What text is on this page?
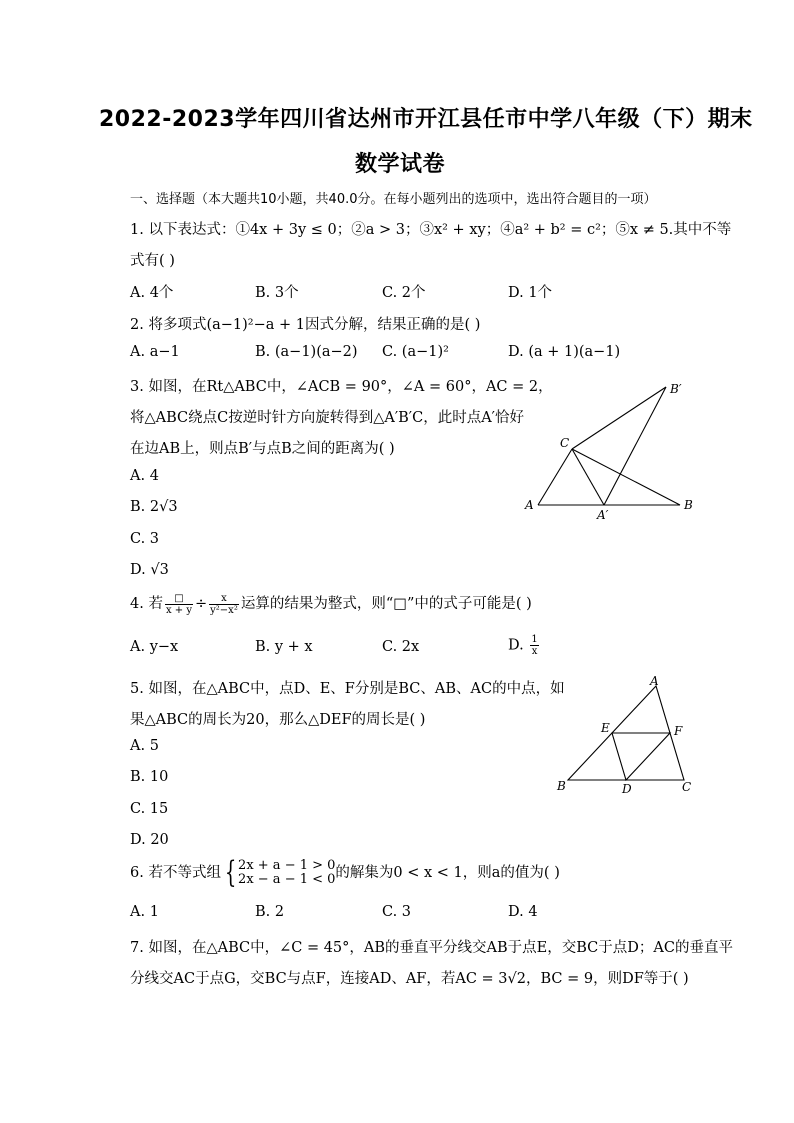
2022-2023学年四川省达州市开江县任市中学八年级（下）期末
数学试卷
一、选择题（本大题共10小题，共40.0分。在每小题列出的选项中，选出符合题目的一项）
1. 以下表达式：①4x + 3y ≤ 0；②a > 3；③x² + xy；④a² + b² = c²；⑤x ≠ 5.其中不等
式有( )
A. 4个	B. 3个	C. 2个	D. 1个
2. 将多项式(a−1)²−a + 1因式分解，结果正确的是( )
A. a−1	B. (a−1)(a−2) C. (a−1)²	D. (a + 1)(a−1)
3. 如图，在Rt△ABC中，∠ACB = 90°，∠A = 60°，AC = 2，
将△ABC绕点C按逆时针方向旋转得到△A′B′C，此时点A′恰好
在边AB上，则点B′与点B之间的距离为( )
A. 4
B. 2√3
C. 3
D. √3
A	B
C
A′
B′
4. 若 $\frac{□}{x + y} \div \frac{x}{\text{y²−x²}}$ 运算的结果为整式，则“□”中的式子可能是( )
A. y−x	B. y + x	C. 2x	D. $\frac{1}{x}$
5. 如图，在△ABC中，点D、E、F分别是BC、AB、AC的中点，如
果△ABC的周长为20，那么△DEF的周长是( )
A. 5
B. 10
C. 15
D. 20
A
B	C
D
E	F
6. 若不等式组 { 2x + a − 1 > 0
2x − a − 1 < 0 的解集为0 < x < 1，则a的值为( )
A. 1	B. 2	C. 3	D. 4
7. 如图，在△ABC中，∠C = 45°，AB的垂直平分线交AB于点E，交BC于点D；AC的垂直平
分线交AC于点G，交BC与点F，连接AD、AF，若AC = 3√2，BC = 9，则DF等于( )
